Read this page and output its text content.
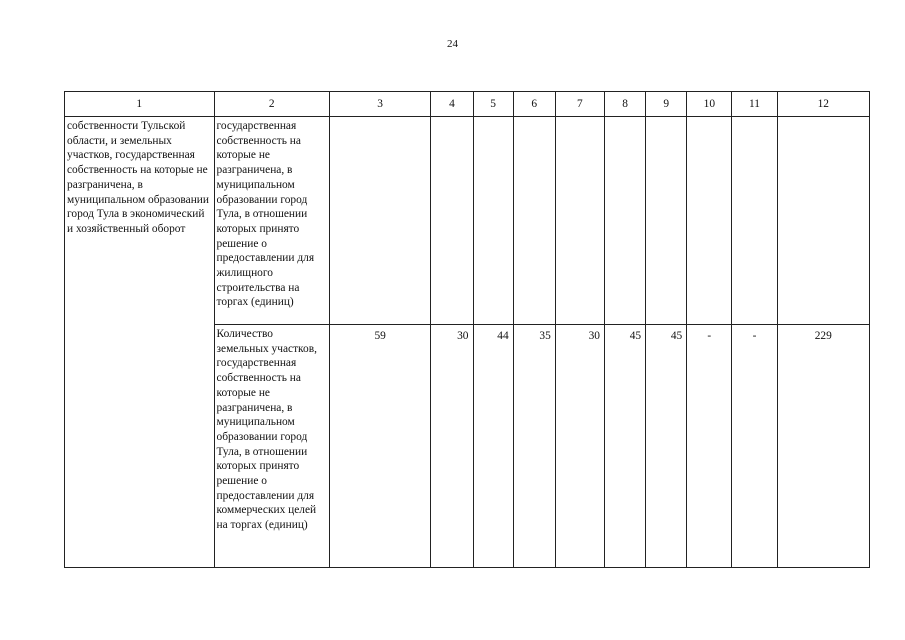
24
1	2	3	4	5	6	7	8	9	10	11	12
собственности Тульской области, и земельных участков, государственная собственность на которые не разграничена, в муниципальном образовании город Тула в экономический и хозяйственный оборот	государственная собственность на которые не разграничена, в муниципальном образовании город Тула, в отношении которых принято решение о предоставлении для жилищного строительства на торгах (единиц)										
	Количество земельных участков, государственная собственность на которые не разграничена, в муниципальном образовании город Тула, в отношении которых принято решение о предоставлении для коммерческих целей на торгах (единиц)	59	30	44	35	30	45	45	-	-	229
